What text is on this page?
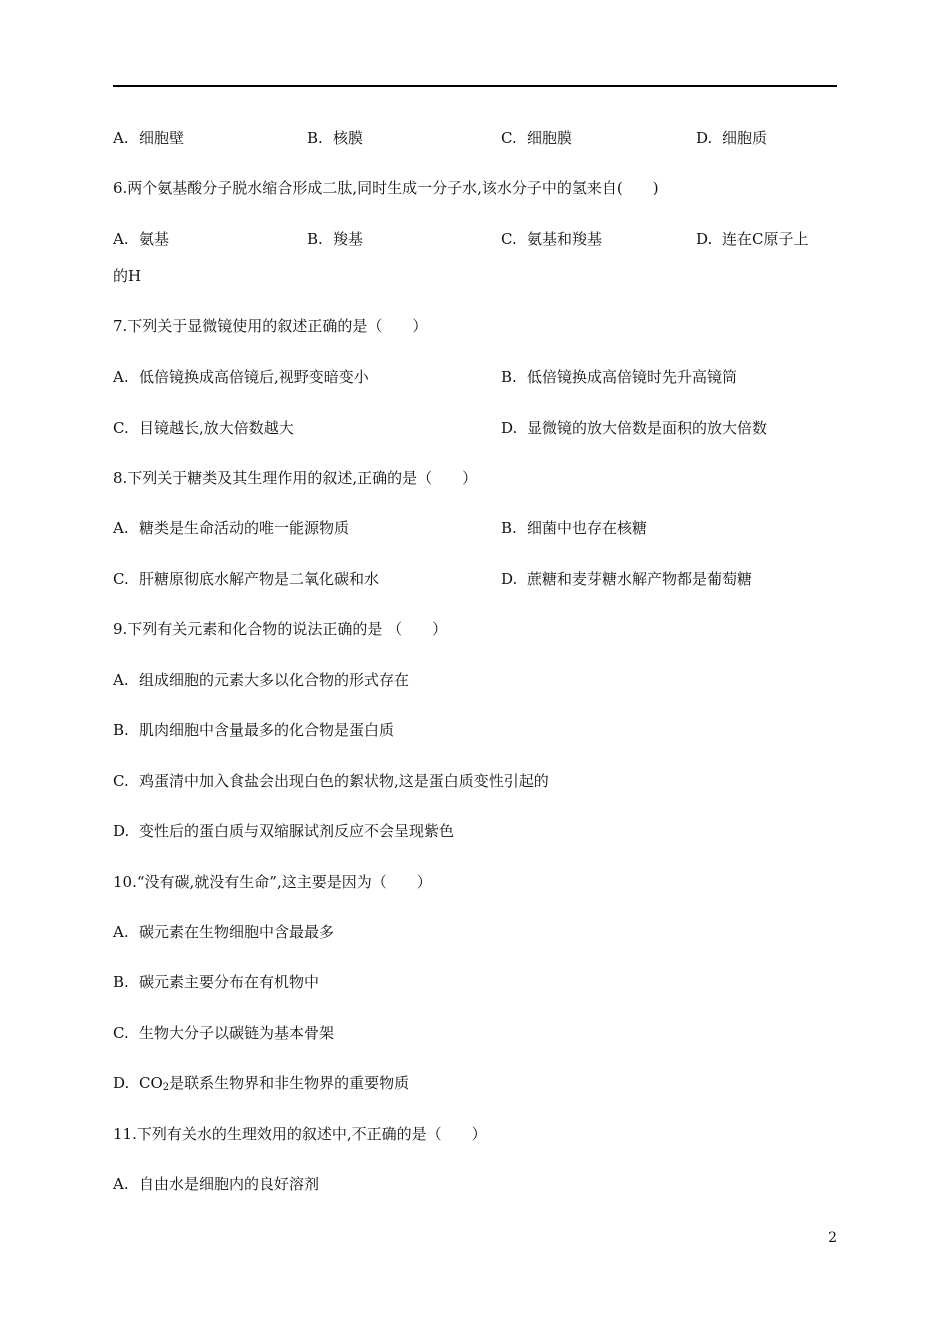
A. 细胞壁	B. 核膜	C. 细胞膜	D. 细胞质
6.两个氨基酸分子脱水缩合形成二肽,同时生成一分子水,该水分子中的氢来自(　　)
A. 氨基	B. 羧基	C. 氨基和羧基	D. 连在C原子上
的H
7.下列关于显微镜使用的叙述正确的是（　　）
A. 低倍镜换成高倍镜后,视野变暗变小	B. 低倍镜换成高倍镜时先升高镜筒
C. 目镜越长,放大倍数越大	D. 显微镜的放大倍数是面积的放大倍数
8.下列关于糖类及其生理作用的叙述,正确的是（　　）
A. 糖类是生命活动的唯一能源物质	B. 细菌中也存在核糖
C. 肝糖原彻底水解产物是二氧化碳和水	D. 蔗糖和麦芽糖水解产物都是葡萄糖
9.下列有关元素和化合物的说法正确的是 （　　）
A. 组成细胞的元素大多以化合物的形式存在
B. 肌肉细胞中含量最多的化合物是蛋白质
C. 鸡蛋清中加入食盐会出现白色的絮状物,这是蛋白质变性引起的
D. 变性后的蛋白质与双缩脲试剂反应不会呈现紫色
10.“没有碳,就没有生命”,这主要是因为（　　）
A. 碳元素在生物细胞中含最最多
B. 碳元素主要分布在有机物中
C. 生物大分子以碳链为基本骨架
D. $CO_2$是联系生物界和非生物界的重要物质
11.下列有关水的生理效用的叙述中,不正确的是（　　）
A. 自由水是细胞内的良好溶剂
2
